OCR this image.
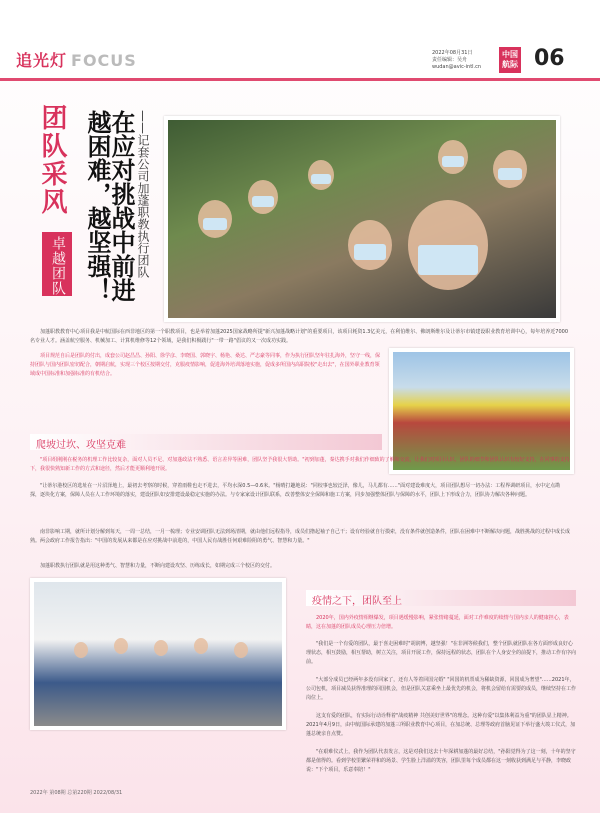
追光灯 FOCUS	2022年08月31日
责任编辑：吴舟
wudan@avic-intl.cn
中国
航际 06
团队采风
卓越团队	——记套公司加蓬职教执行团队
在应对挑战中前进
越困难，越坚强！
加蓬职教教育中心项目我是中航国际在西非地区的第一个职教项目，也是举着加蓬2025国家战略所提"新兴加蓬战略计划"的重要项目，该项目耗资1.3亿美元，在利伯维尔、佛朗斯维尔及让蒂尔市镇建设职业教育培训中心，每年培养近7000名专业人才。涵盖航空服务、机械加工、计算机维修等12个领域，是我们积极践行"一带一路"倡议的又一次成功实践。
项目规范自后是团队的付出，成套公司赵昌昌、孙阳、徐学彦、李晓国、郭晓宇、杨艳、桑达、严志豪等同事，作为执行团队坚年驻扎海外，坚守一线，保持团队与国内团队密切配合，朝期启航，实现三个校区按期交付，克服疫情影响，促进海外培训落地实施，促成多所国内高职院校"走出去"，在国外职业教育领域成中国标准和加强标准的有机结合。
爬坡过坎、攻坚克难
"项目组刚刚在税务的机理工作比较复杂，面对人员不足、对加蓬政法不熟悉、语言差异等困难，团队坚予我很大帮助。"初到加蓬，秦达携手对我们作细致的了解和交流，让我们对项目认识、团队的细节和团队认识有较好支持，在同事的支持下，我很快熟知新工作的方式和途径，然后才能更顺利地开展。
"让蒂尔港校区的选址在一片沼泽地上，最初去考察的时候，穿着雨鞋也走不进去，平均水深0.5—0.6米。"杨晴打趣地说："同校事也较泛泽，像儿，马儿都有……"面对建设难度大，项目团队想尽一切办法：工程界调研项目，水中定点勘探，逐块化方案，保障人员在人工作环境的落实，建设团队如安排建设最稳定实施的办法。与专家家设计团队联系，改善整体安全保障和施工方案，同步加强整体团队与保障的水平，团队上下形成合力，团队协力解决各种问题。
南非影响工期，就所计划分解到每天，一周一总结，一月一梳理；专业安调团队无法到场清期，就由他们远程指导，成员们撸起袖子自己干；设有经验就自行摸索，没有条件就创造条件，团队在困难中不断解决问题，战胜挑战的过程中成长成熟。两会政府工作报告指出："中国的发展从来都是在应对挑战中前进的，中国人民有战胜任何艰难险阻的勇气、智慧和力量。"
加蓬职教执行团队就是用这种勇气、智慧和力量，不断向建设攻坚、历练成长，如期完成三个校区的交付。
疫情之下，团队至上
2020年，国内外疫情相继爆发，项目遇缓慢影响，紧张情绪蔓延，面对工作难度的续情与国内亲人的健康担心，表睛，这在加蓬的团队成员心理压力倍增。
"我们是一个有爱的团队，最于喜走困难时"胡润博，越坚强！"在非洲等候我们，整个团队就团队在各方面形成良好心理状态，相互鼓励，相互帮助，树立关注，项目开展工作，保持远程的状态，团队在个人身安全的前提下，推动工作有序向前。
"大部分成员已经两年多没有回家了，还有人等着回国完婚" "回国的机票成为稀缺资源，回国成为奢望"……2021年，公司包机，项目减员获得准理的回国机会，但是团队关意乘坐上最优先的机会，将机会留给有需要的成员，继续坚持在工作岗位上。
这支有爱的团队，有实际行动诠释着"战疫精神 共创美好世界"的理念。这种有爱"以集体利益为重"的团队显上精神。2021年4月9日，由中航国际承建的加蓬三所职业教育中心项目，在加总统、总理等政府首脑见证下举行盛大竣工仪式，加蓬总统亲自点赞。
"在艰难仪式上，我作为团队代表发言，这是对我们这去十年深耕加蓬的最好总结，"孙阳觉得为了这一刻，十年的坚守都是值得的。看到学校里繁荣祥和的场景、学生脸上洋溢的笑容，团队里每个成员都在这一刻收获到满足与平静，李晓政说："下个项目，乐意奉陪！"
2022年 第08期 总第220期 2022/08/31
